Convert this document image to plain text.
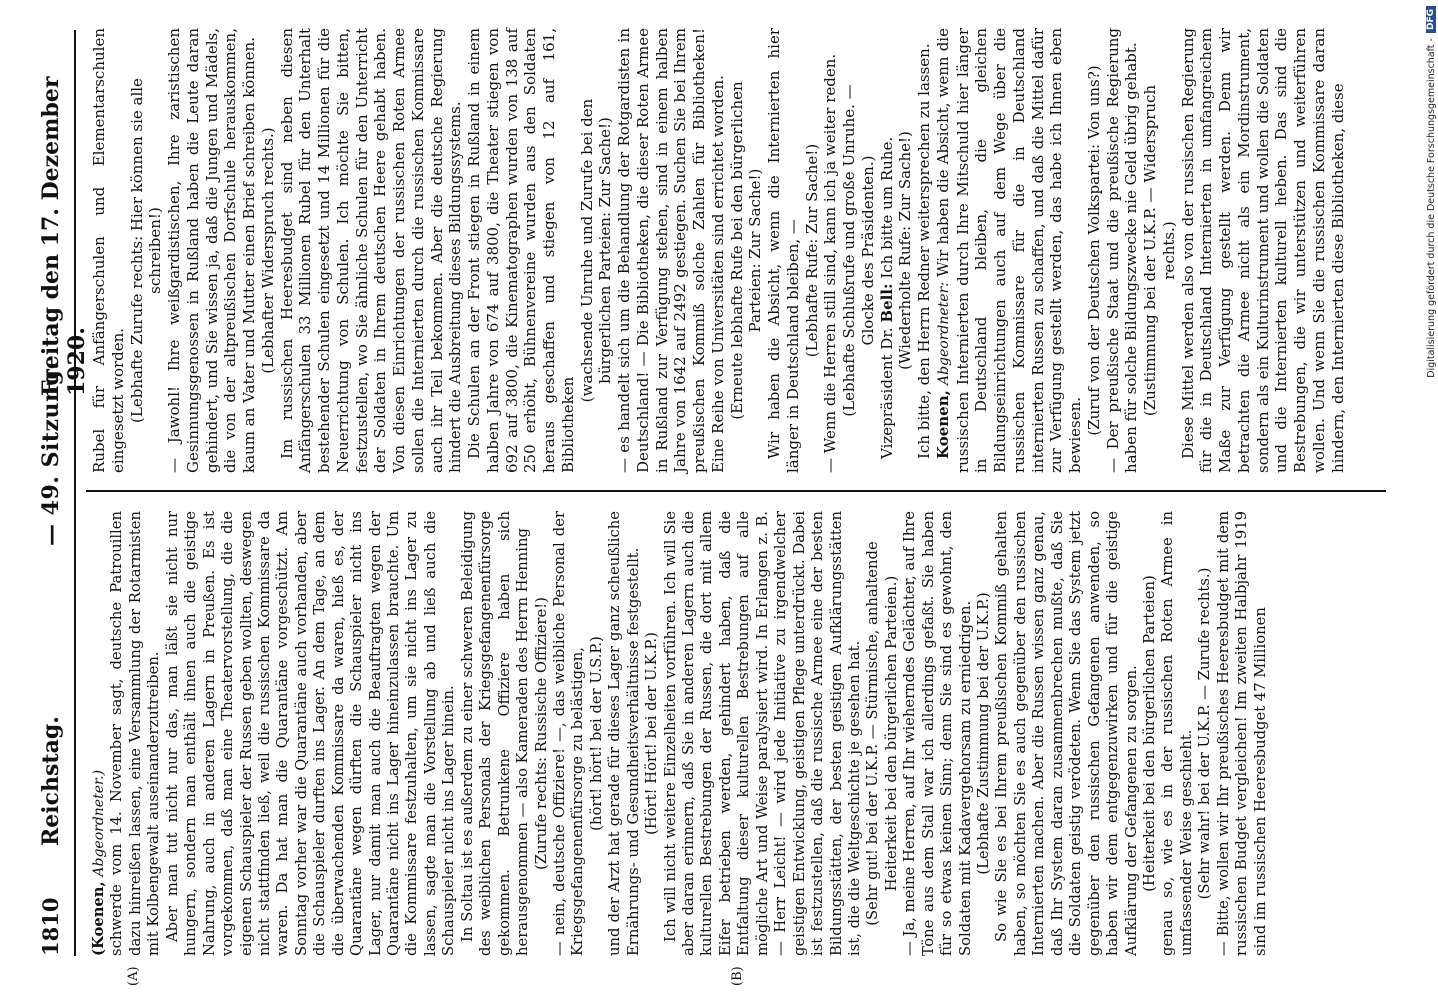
1810
Reichstag.
— 49. Sitzung.
Freitag den 17. Dezember 1920.
(A)	(B)

(Koenen, Abgeordneter.) schwerde vom 14. November sagt, deutsche Patrouillen dazu hinreißen lassen, eine Versammlung der Rotarmisten mit Kolbengewalt auseinanderzutreiben. Aber man tut nicht nur das, man läßt sie nicht nur hungern, sondern man enthält ihnen auch die geistige Nahrung, auch in anderen Lagern in Preußen. Es ist vorgekommen, daß man eine Theatervorstellung, die die eigenen Schauspieler der Russen geben wollten, deswegen nicht stattfinden ließ, weil die russischen Kommissare da waren. Da hat man die Quarantäne vorgeschützt. Am Sonntag vorher war die Quarantäne auch vorhanden, aber die Schauspieler durften ins Lager. An dem Tage, an dem die überwachenden Kommissare da waren, hieß es, der Quarantäne wegen dürften die Schauspieler nicht ins Lager, nur damit man auch die Beauftragten wegen der Quarantäne nicht ins Lager hineinzulassen brauchte. Um die Kommissare festzuhalten, um sie nicht ins Lager zu lassen, sagte man die Vorstellung ab und ließ auch die Schauspieler nicht ins Lager hinein. In Soltau ist es außerdem zu einer schweren Beleidigung des weiblichen Personals der Kriegsgefangenenfürsorge gekommen. Betrunkene Offiziere haben sich herausgenommen — also Kameraden des Herrn Henning (Zurufe rechts: Russische Offiziere!) — nein, deutsche Offiziere! —, das weibliche Personal der Kriegsgefangenenfürsorge zu belästigen, (hört! hört! bei der U.S.P.) und der Arzt hat gerade für dieses Lager ganz scheußliche Ernährungs- und Gesundheitsverhältnisse festgestellt. (Hört! Hört! bei der U.K.P.) Ich will nicht weitere Einzelheiten vorführen. Ich will Sie aber daran erinnern, daß Sie in anderen Lagern auch die kulturellen Bestrebungen der Russen, die dort mit allem Eifer betrieben werden, gehindert haben, daß die Entfaltung dieser kulturellen Bestrebungen auf alle mögliche Art und Weise paralysiert wird. In Erlangen z. B. — Herr Leicht! — wird jede Initiative zu irgendwelcher geistigen Entwicklung, geistigen Pflege unterdrückt. Dabei ist festzustellen, daß die russische Armee eine der besten Bildungsstätten, der besten geistigen Aufklärungsstätten ist, die die Weltgeschichte je gesehen hat. (Sehr gut! bei der U.K.P. — Stürmische, anhaltende Heiterkeit bei den bürgerlichen Parteien.) — Ja, meine Herren, auf Ihr wieherndes Gelächter, auf Ihre Töne aus dem Stall war ich allerdings gefaßt. Sie haben für so etwas keinen Sinn; denn Sie sind es gewohnt, den Soldaten mit Kadavergehorsam zu erniedrigen. (Lebhafte Zustimmung bei der U.K.P.) So wie Sie es bei Ihrem preußischen Kommiß gehalten haben, so möchten Sie es auch gegenüber den russischen Internierten machen. Aber die Russen wissen ganz genau, daß Ihr System daran zusammenbrechen mußte, daß Sie die Soldaten geistig verödeten. Wenn Sie das System jetzt gegenüber den russischen Gefangenen anwenden, so haben wir dem entgegenzuwirken und für die geistige Aufklärung der Gefangenen zu sorgen. (Heiterkeit bei den bürgerlichen Parteien) genau so, wie es in der russischen Roten Armee in umfassender Weise geschieht. (Sehr wahr! bei der U.K.P. — Zurufe rechts.) — Bitte, wollen wir Ihr preußisches Heeresbudget mit dem russischen Budget vergleichen! Im zweiten Halbjahr 1919 sind im russischen Heeresbudget 47 Millionen

Rubel für Anfängerschulen und Elementarschulen eingesetzt worden. (Lebhafte Zurufe rechts: Hier können sie alle schreiben!) — Jawohl! Ihre weißgardistischen, Ihre zaristischen Gesinnungsgenossen in Rußland haben die Leute daran gehindert, und Sie wissen ja, daß die Jungen und Mädels, die von der altpreußischen Dorfschule herauskommen, kaum an Vater und Mutter einen Brief schreiben können. (Lebhafter Widerspruch rechts.) Im russischen Heeresbudget sind neben diesen Anfängerschulen 33 Millionen Rubel für den Unterhalt bestehender Schulen eingesetzt und 14 Millionen für die Neuerrichtung von Schulen. Ich möchte Sie bitten, festzustellen, wo Sie ähnliche Schulen für den Unterricht der Soldaten in Ihrem deutschen Heere gehabt haben. Von diesen Einrichtungen der russischen Roten Armee sollen die Internierten durch die russischen Kommissare auch ihr Teil bekommen. Aber die deutsche Regierung hindert die Ausbreitung dieses Bildungssystems. Die Schulen an der Front stiegen in Rußland in einem halben Jahre von 674 auf 3800, die Theater stiegen von 692 auf 3800, die Kinematographen wurden von 138 auf 250 erhöht, Bühnenvereine wurden aus den Soldaten heraus geschaffen und stiegen von 12 auf 161, Bibliotheken

(wachsende Unruhe und Zurufe bei den bürgerlichen Parteien: Zur Sache!) — es handelt sich um die Behandlung der Rotgardisten in Deutschland! — Die Bibliotheken, die dieser Roten Armee in Rußland zur Verfügung stehen, sind in einem halben Jahre von 1642 auf 2492 gestiegen. Suchen Sie bei Ihrem preußischen Kommiß solche Zahlen für Bibliotheken! Eine Reihe von Universitäten sind errichtet worden. (Erneute lebhafte Rufe bei den bürgerlichen Parteien: Zur Sache!) Wir haben die Absicht, wenn die Internierten hier länger in Deutschland bleiben, — (Lebhafte Rufe: Zur Sache!) — Wenn die Herren still sind, kann ich ja weiter reden. (Lebhafte Schlußrufe und große Unruhe. — Glocke des Präsidenten.)

Vizepräsident Dr. Bell: Ich bitte um Ruhe. (Wiederholte Rufe: Zur Sache!) Ich bitte, den Herrn Redner weitersprechen zu lassen. Koenen, Abgeordneter: Wir haben die Absicht, wenn die russischen Internierten durch Ihre Mitschuld hier länger in Deutschland bleiben, die gleichen Bildungseinrichtungen auch auf dem Wege über die russischen Kommissare für die in Deutschland internierten Russen zu schaffen, und daß die Mittel dafür zur Verfügung gestellt werden, das habe ich Ihnen eben bewiesen. (Zuruf von der Deutschen Volkspartei: Von uns?) — Der preußische Staat und die preußische Regierung haben für solche Bildungszwecke nie Geld übrig gehabt. (Zustimmung bei der U.K.P. — Widerspruch rechts.) Diese Mittel werden also von der russischen Regierung für die in Deutschland Internierten in umfangreichem Maße zur Verfügung gestellt werden. Denn wir betrachten die Armee nicht als ein Mordinstrument, sondern als ein Kulturinstrument und wollen die Soldaten und die Internierten kulturell heben. Das sind die Bestrebungen, die wir unterstützen und weiterführen wollen. Und wenn Sie die russischen Kommissare daran hindern, den Internierten diese Bibliotheken, diese	Digitalisierung gefördert durch die Deutsche Forschungsgemeinschaft -
DFG
